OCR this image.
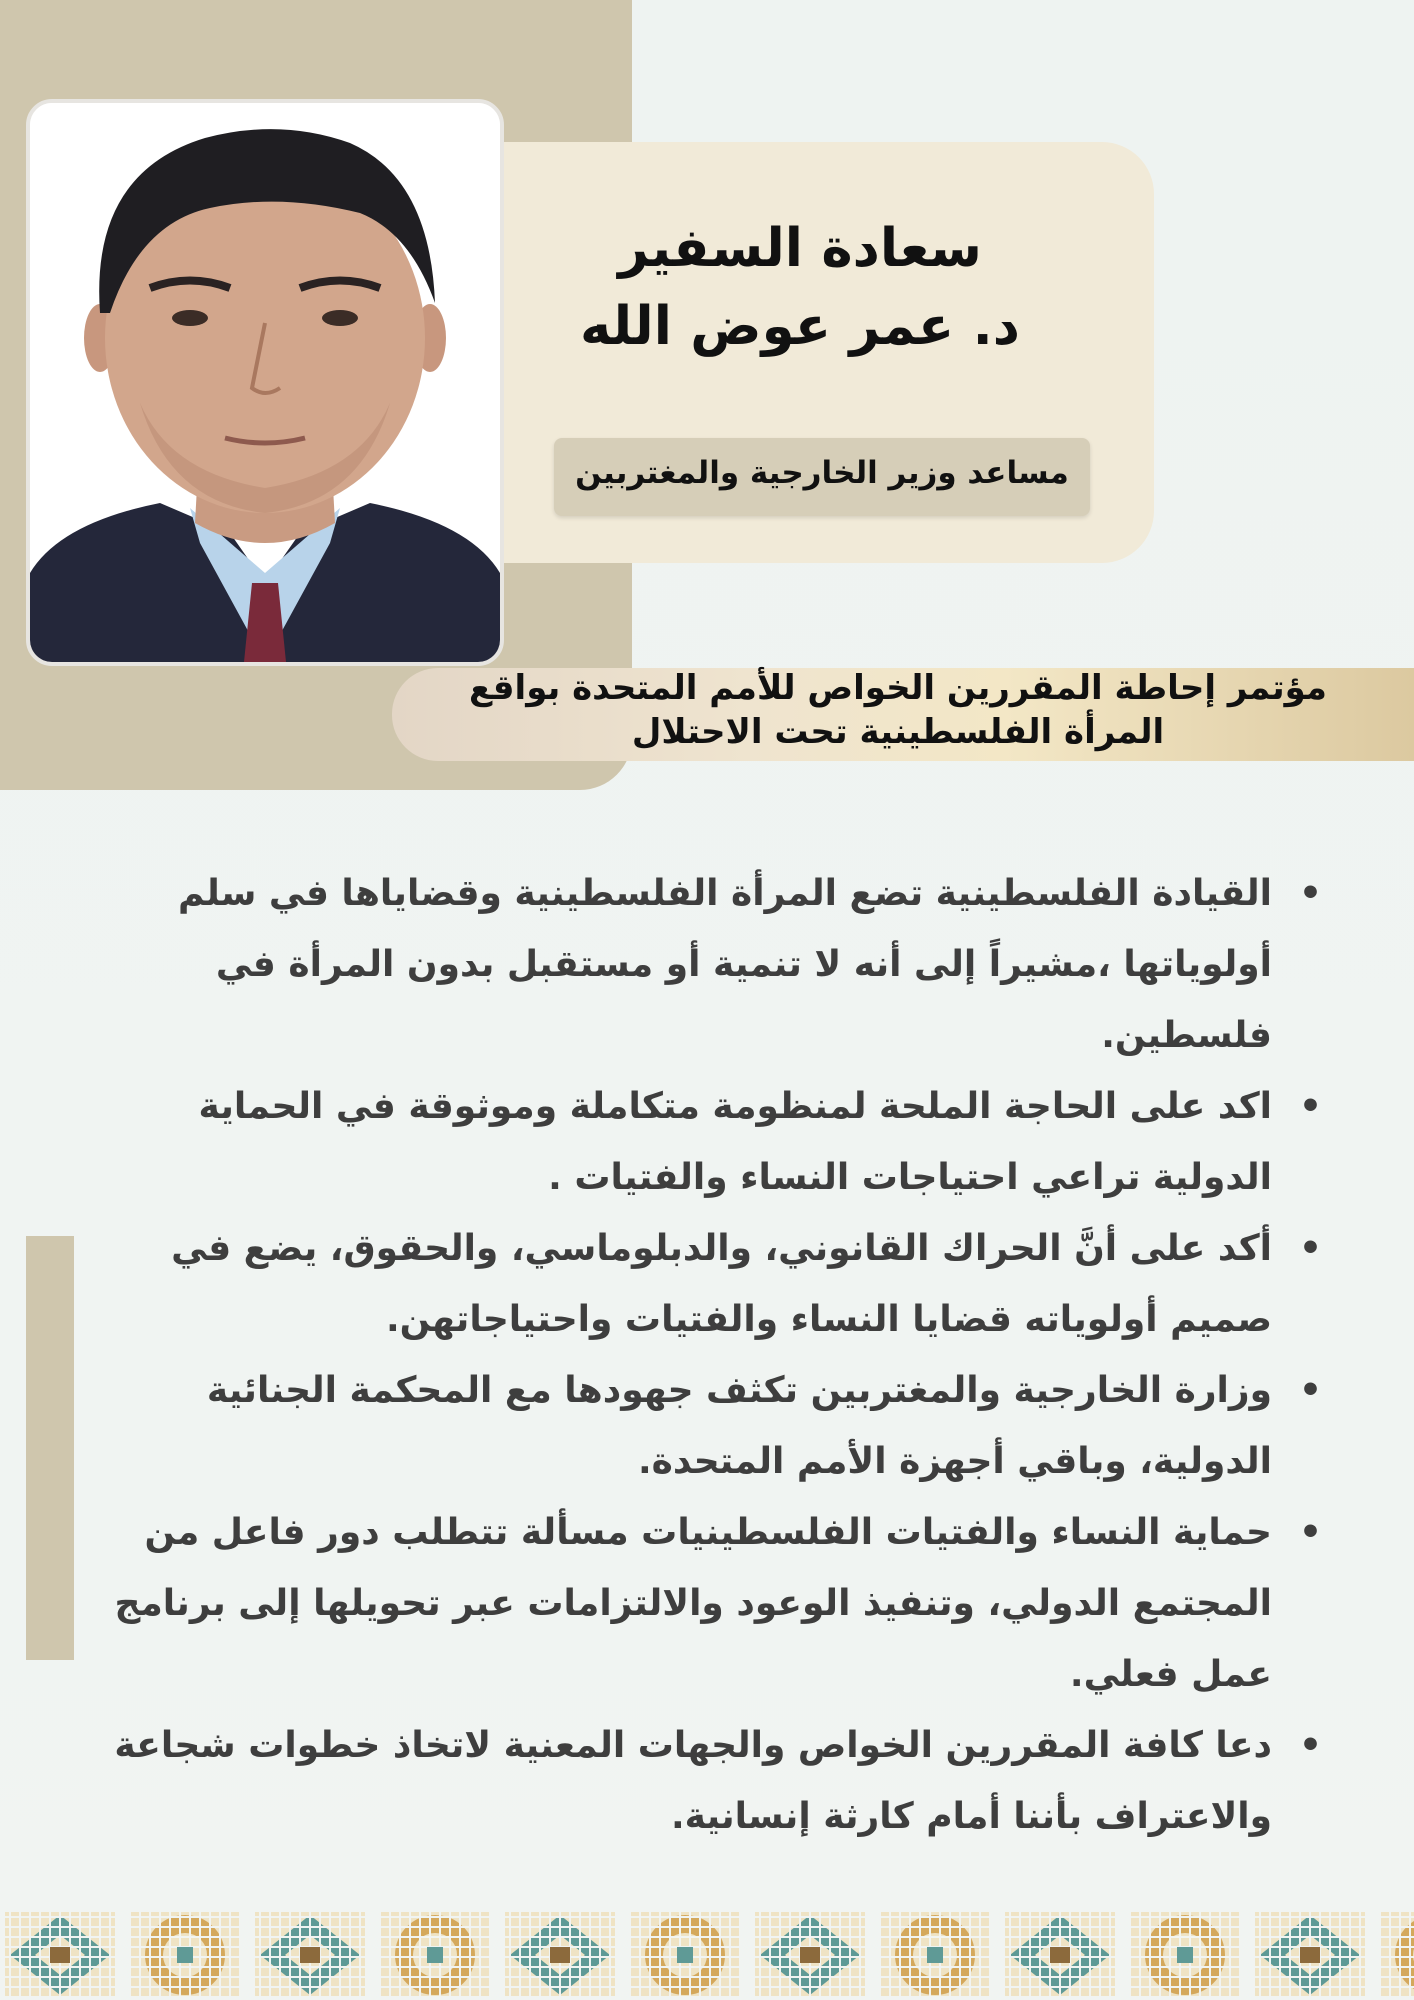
سعادة السفير
د. عمر عوض الله
مساعد وزير الخارجية والمغتربين
مؤتمر إحاطة المقررين الخواص للأمم المتحدة بواقع
المرأة الفلسطينية تحت الاحتلال
• القيادة الفلسطينية تضع المرأة الفلسطينية وقضاياها في سلم أولوياتها ،مشيراً إلى أنه لا تنمية أو مستقبل بدون المرأة في فلسطين.
• اكد على الحاجة الملحة لمنظومة متكاملة وموثوقة في الحماية الدولية تراعي احتياجات النساء والفتيات .
• أكد على أنَّ الحراك القانوني، والدبلوماسي، والحقوق، يضع في صميم أولوياته قضايا النساء والفتيات واحتياجاتهن.
• وزارة الخارجية والمغتربين تكثف جهودها مع المحكمة الجنائية الدولية، وباقي أجهزة الأمم المتحدة.
• حماية النساء والفتيات الفلسطينيات مسألة تتطلب دور فاعل من المجتمع الدولي، وتنفيذ الوعود والالتزامات عبر تحويلها إلى برنامج عمل فعلي.
• دعا كافة المقررين الخواص والجهات المعنية لاتخاذ خطوات شجاعة والاعتراف بأننا أمام كارثة إنسانية.
